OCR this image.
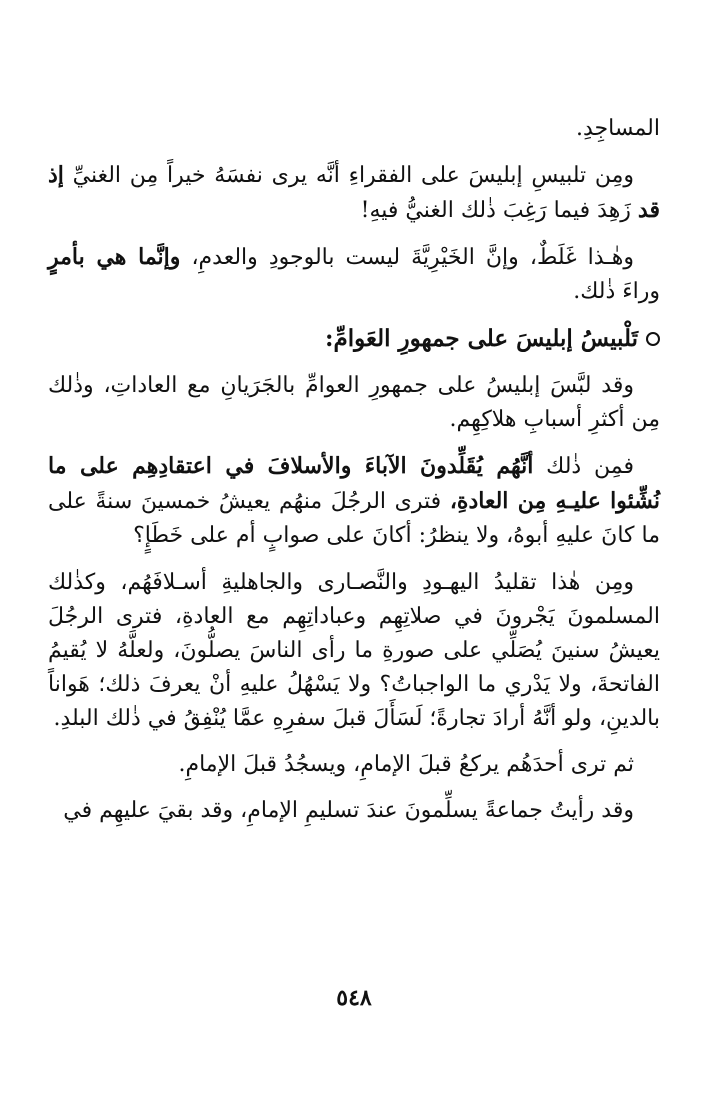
المساجِدِ.

ومِن تلبيسِ إبليسَ على الفقراءِ أنَّه يرى نفسَهُ خيراً مِن الغنيِّ إذ قد زَهِدَ فيما رَغِبَ ذٰلك الغنيُّ فيهِ!

وهٰـذا غَلَطٌ، وإنَّ الخَيْرِيَّةَ ليست بالوجودِ والعدمِ، وإنَّما هي بأمرٍ وراءَ ذٰلك.

تَلْبيسُ إبليسَ على جمهورِ العَوامِّ:

وقد لبَّسَ إبليسُ على جمهورِ العوامِّ بالجَرَيانِ مع العاداتِ، وذٰلك مِن أكثرِ أسبابِ هلاكِهِم.

فمِن ذٰلك أنَّهُم يُقَلِّدونَ الآباءَ والأسلافَ في اعتقادِهِم على ما نُشِّئوا عليـهِ مِن العادةِ، فترى الرجُلَ منهُم يعيشُ خمسينَ سنةً على ما كانَ عليهِ أبوهُ، ولا ينظرُ: أكانَ على صوابٍ أم على خَطَإٍ؟

ومِن هٰذا تقليدُ اليهـودِ والنَّصـارى والجاهليةِ أسـلافَهُم، وكذٰلك المسلمونَ يَجْرونَ في صلاتِهِم وعباداتِهِم مع العادةِ، فترى الرجُلَ يعيشُ سنينَ يُصَلِّي على صورةِ ما رأى الناسَ يصلُّونَ، ولعلَّهُ لا يُقيمُ الفاتحةَ، ولا يَدْري ما الواجباتُ؟ ولا يَسْهُلُ عليهِ أنْ يعرفَ ذلك؛ هَواناً بالدينِ، ولو أنَّهُ أرادَ تجارةً؛ لَسَأَلَ قبلَ سفرِهِ عمَّا يُنْفِقُ في ذٰلك البلدِ.

ثم ترى أحدَهُم يركعُ قبلَ الإمامِ، ويسجُدُ قبلَ الإمامِ.

وقد رأيتُ جماعةً يسلِّمونَ عندَ تسليمِ الإمامِ، وقد بقيَ عليهِم في

٥٤٨
